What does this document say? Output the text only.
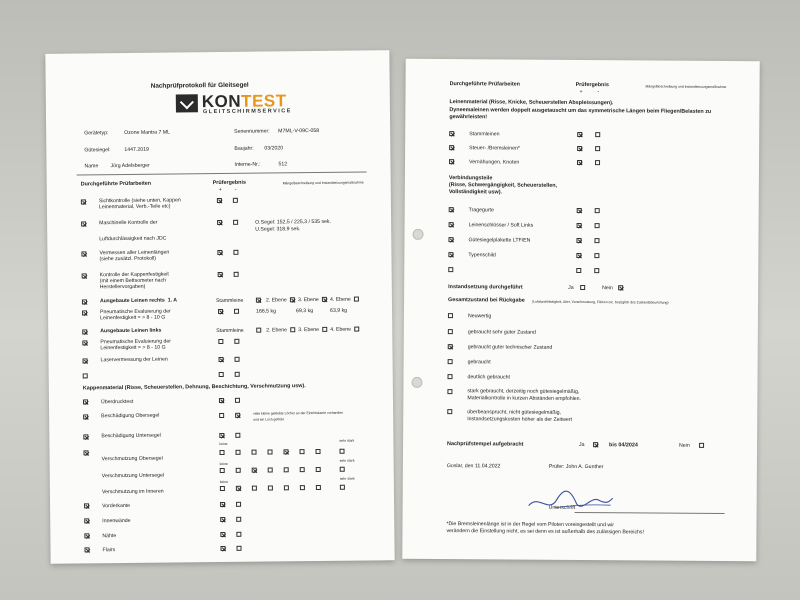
Nachprüfprotokoll für Gleitsegel
KONTEST
GLEITSCHIRMSERVICE
Gerätetyp:	Ozone Mantra 7 ML	Seriennummer: M7ML-V-09C-058
Gütesiegel:	1447.2019	Baujahr: 03/2020
Name Jörg Adelsberger	Interne-Nr.:	512
Durchgeführte Prüfarbeiten	Prüfergebnis	Mängelbeschreibung und Instandsetzungsmaßnahme
+ -
Sichtkontrolle (siehe unten, Kappen
Leinenmaterial, Verb.-Teile etc)
Maschinelle Kontrolle der
Luftdurchlässigkeit nach JDC
O.Segel: 152,5 / 225,3 / 535 sek.
U.Segel: 318,9 sek.
Vermessen aller Leinenlängen
(siehe zusätzl. Protokoll)
Kontrolle der Kappenfestigkeit
(mit einem Bettsometer nach
Herstellervorgaben)
Ausgebaute Leinen rechts 1. A	Stammleine	2. Ebene 3. Ebene 4. Ebene
Pneumatische Evaluierung der
Leinenfestigkeit = > 8 - 10 G
166,5 kg	69,3 kg	63,9 kg
Ausgebaute Leinen links	Stammleine	2. Ebene 3. Ebene 4. Ebene
Pneumatische Evaluierung der
Leinenfestigkeit = > 8 - 10 G
Laservermessung der Leinen
Kappenmaterial (Risse, Scheuerstellen, Dehnung, Beschichtung, Verschmutzung usw).
Überdrucktest
Beschädigung Obersegel	viele kleine geklebte Löcher an der Eintrittskante vorhanden
und ein Loch geflickt
Beschädigung Untersegel
keine
sehr stark
Verschmutzung Obersegel
keine
sehr stark
Verschmutzung Untersegel
keine
sehr stark
Verschmutzung im Inneren
Vorderkante
Innenwände
Nähte
Flairs
Durchgeführte Prüfarbeiten	Prüfergebnis	Mängelbeschreibung und Instandsetzungsmaßnahme
+	-
Leinenmaterial (Risse, Knicke, Scheuerstellen Abspleissungen).
Dyneemaleinen werden doppelt ausgetauscht um das symmetrische Längen beim Fliegen/Belasten zu gewährleisten!
Stammleinen
Steuer- /Bremsleinen*
Vernähungen, Knoten
Verbindungsteile
(Risse, Schwergängigkeit, Scheuerstellen,
Vollständigkeit usw).
Tragegurte
Leinenschlösser / Soft Links
Gütesiegelplakette LTF/EN
Typenschild
Instandsetzung durchgeführt	Ja	Nein
Gesamtzustand bei Rückgabe (Luftdurchlässigkeit, Alter, Verschmutzung, Flicken etc. bezüglich des Zustandsbeurteilung)
Neuwertig
gebraucht sehr guter Zustand
gebraucht guter technischer Zustand
gebraucht
deutlich gebraucht
stark gebraucht, derzeitig noch gütesiegelmäßig,
Materialkontrolle in kurzen Abständen empfohlen.
überbeansprucht, nicht gütesiegelmäßig,
Instandsetzungskosten höher als der Zeitwert
Nachprüfstempel aufgebracht	Ja	bis 04/2024	Nein
Goslar, den 11.04.2022	Prüfer: John A. Gunther
Unterschrift
*Die Bremsleinenlänge ist in der Regel vom Piloten voreingestellt und wir
verändern die Einstellung nicht, es sei denn es ist außerhalb des zulässigen Bereichs!
